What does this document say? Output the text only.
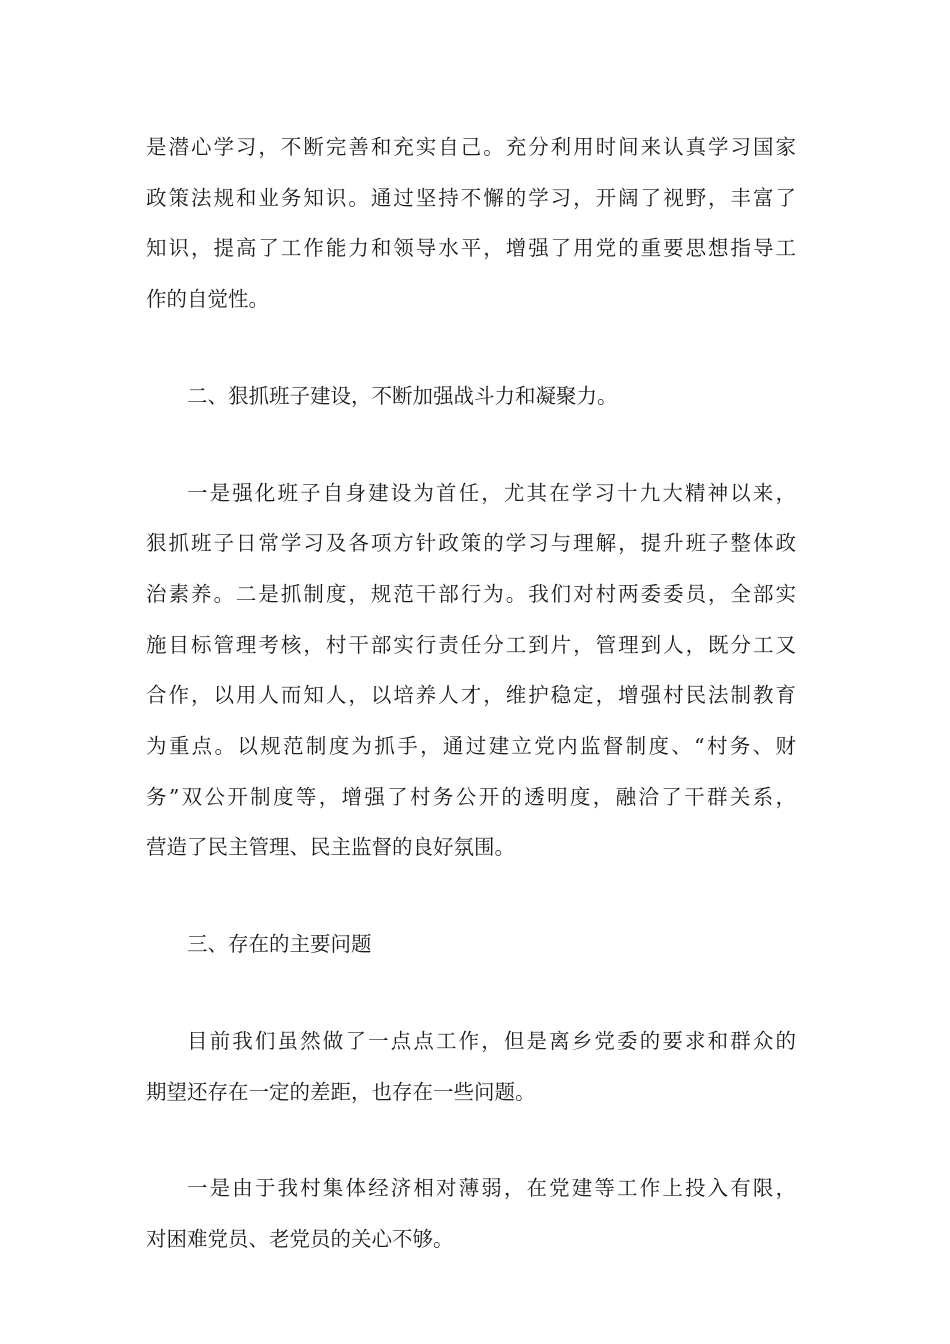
是潜心学习，不断完善和充实自己。充分利用时间来认真学习国家
政策法规和业务知识。通过坚持不懈的学习，开阔了视野，丰富了
知识，提高了工作能力和领导水平，增强了用党的重要思想指导工
作的自觉性。
二、狠抓班子建设，不断加强战斗力和凝聚力。
一是强化班子自身建设为首任，尤其在学习十九大精神以来，
狠抓班子日常学习及各项方针政策的学习与理解，提升班子整体政
治素养。二是抓制度，规范干部行为。我们对村两委委员，全部实
施目标管理考核，村干部实行责任分工到片，管理到人，既分工又
合作，以用人而知人，以培养人才，维护稳定，增强村民法制教育
为重点。以规范制度为抓手，通过建立党内监督制度、“村务、财
务”双公开制度等，增强了村务公开的透明度，融洽了干群关系，
营造了民主管理、民主监督的良好氛围。
三、存在的主要问题
目前我们虽然做了一点点工作，但是离乡党委的要求和群众的
期望还存在一定的差距，也存在一些问题。
一是由于我村集体经济相对薄弱，在党建等工作上投入有限，
对困难党员、老党员的关心不够。
